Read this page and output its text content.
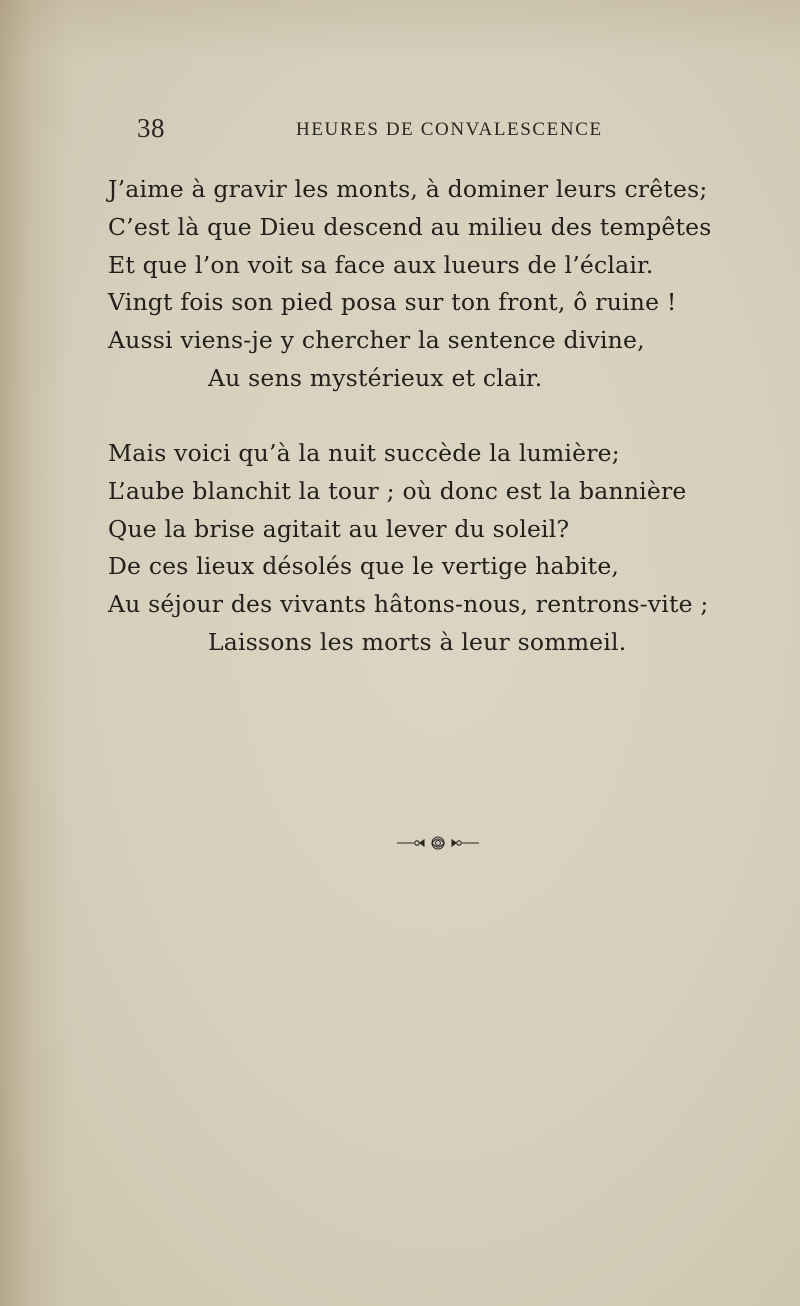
38	HEURES DE CONVALESCENCE
J’aime à gravir les monts, à dominer leurs crêtes;
C’est là que Dieu descend au milieu des tempêtes
Et que l’on voit sa face aux lueurs de l’éclair.
Vingt fois son pied posa sur ton front, ô ruine !
Aussi viens-je y chercher la sentence divine,
Au sens mystérieux et clair.
Mais voici qu’à la nuit succède la lumière;
L’aube blanchit la tour ; où donc est la bannière
Que la brise agitait au lever du soleil?
De ces lieux désolés que le vertige habite,
Au séjour des vivants hâtons-nous, rentrons-vite ;
Laissons les morts à leur sommeil.
